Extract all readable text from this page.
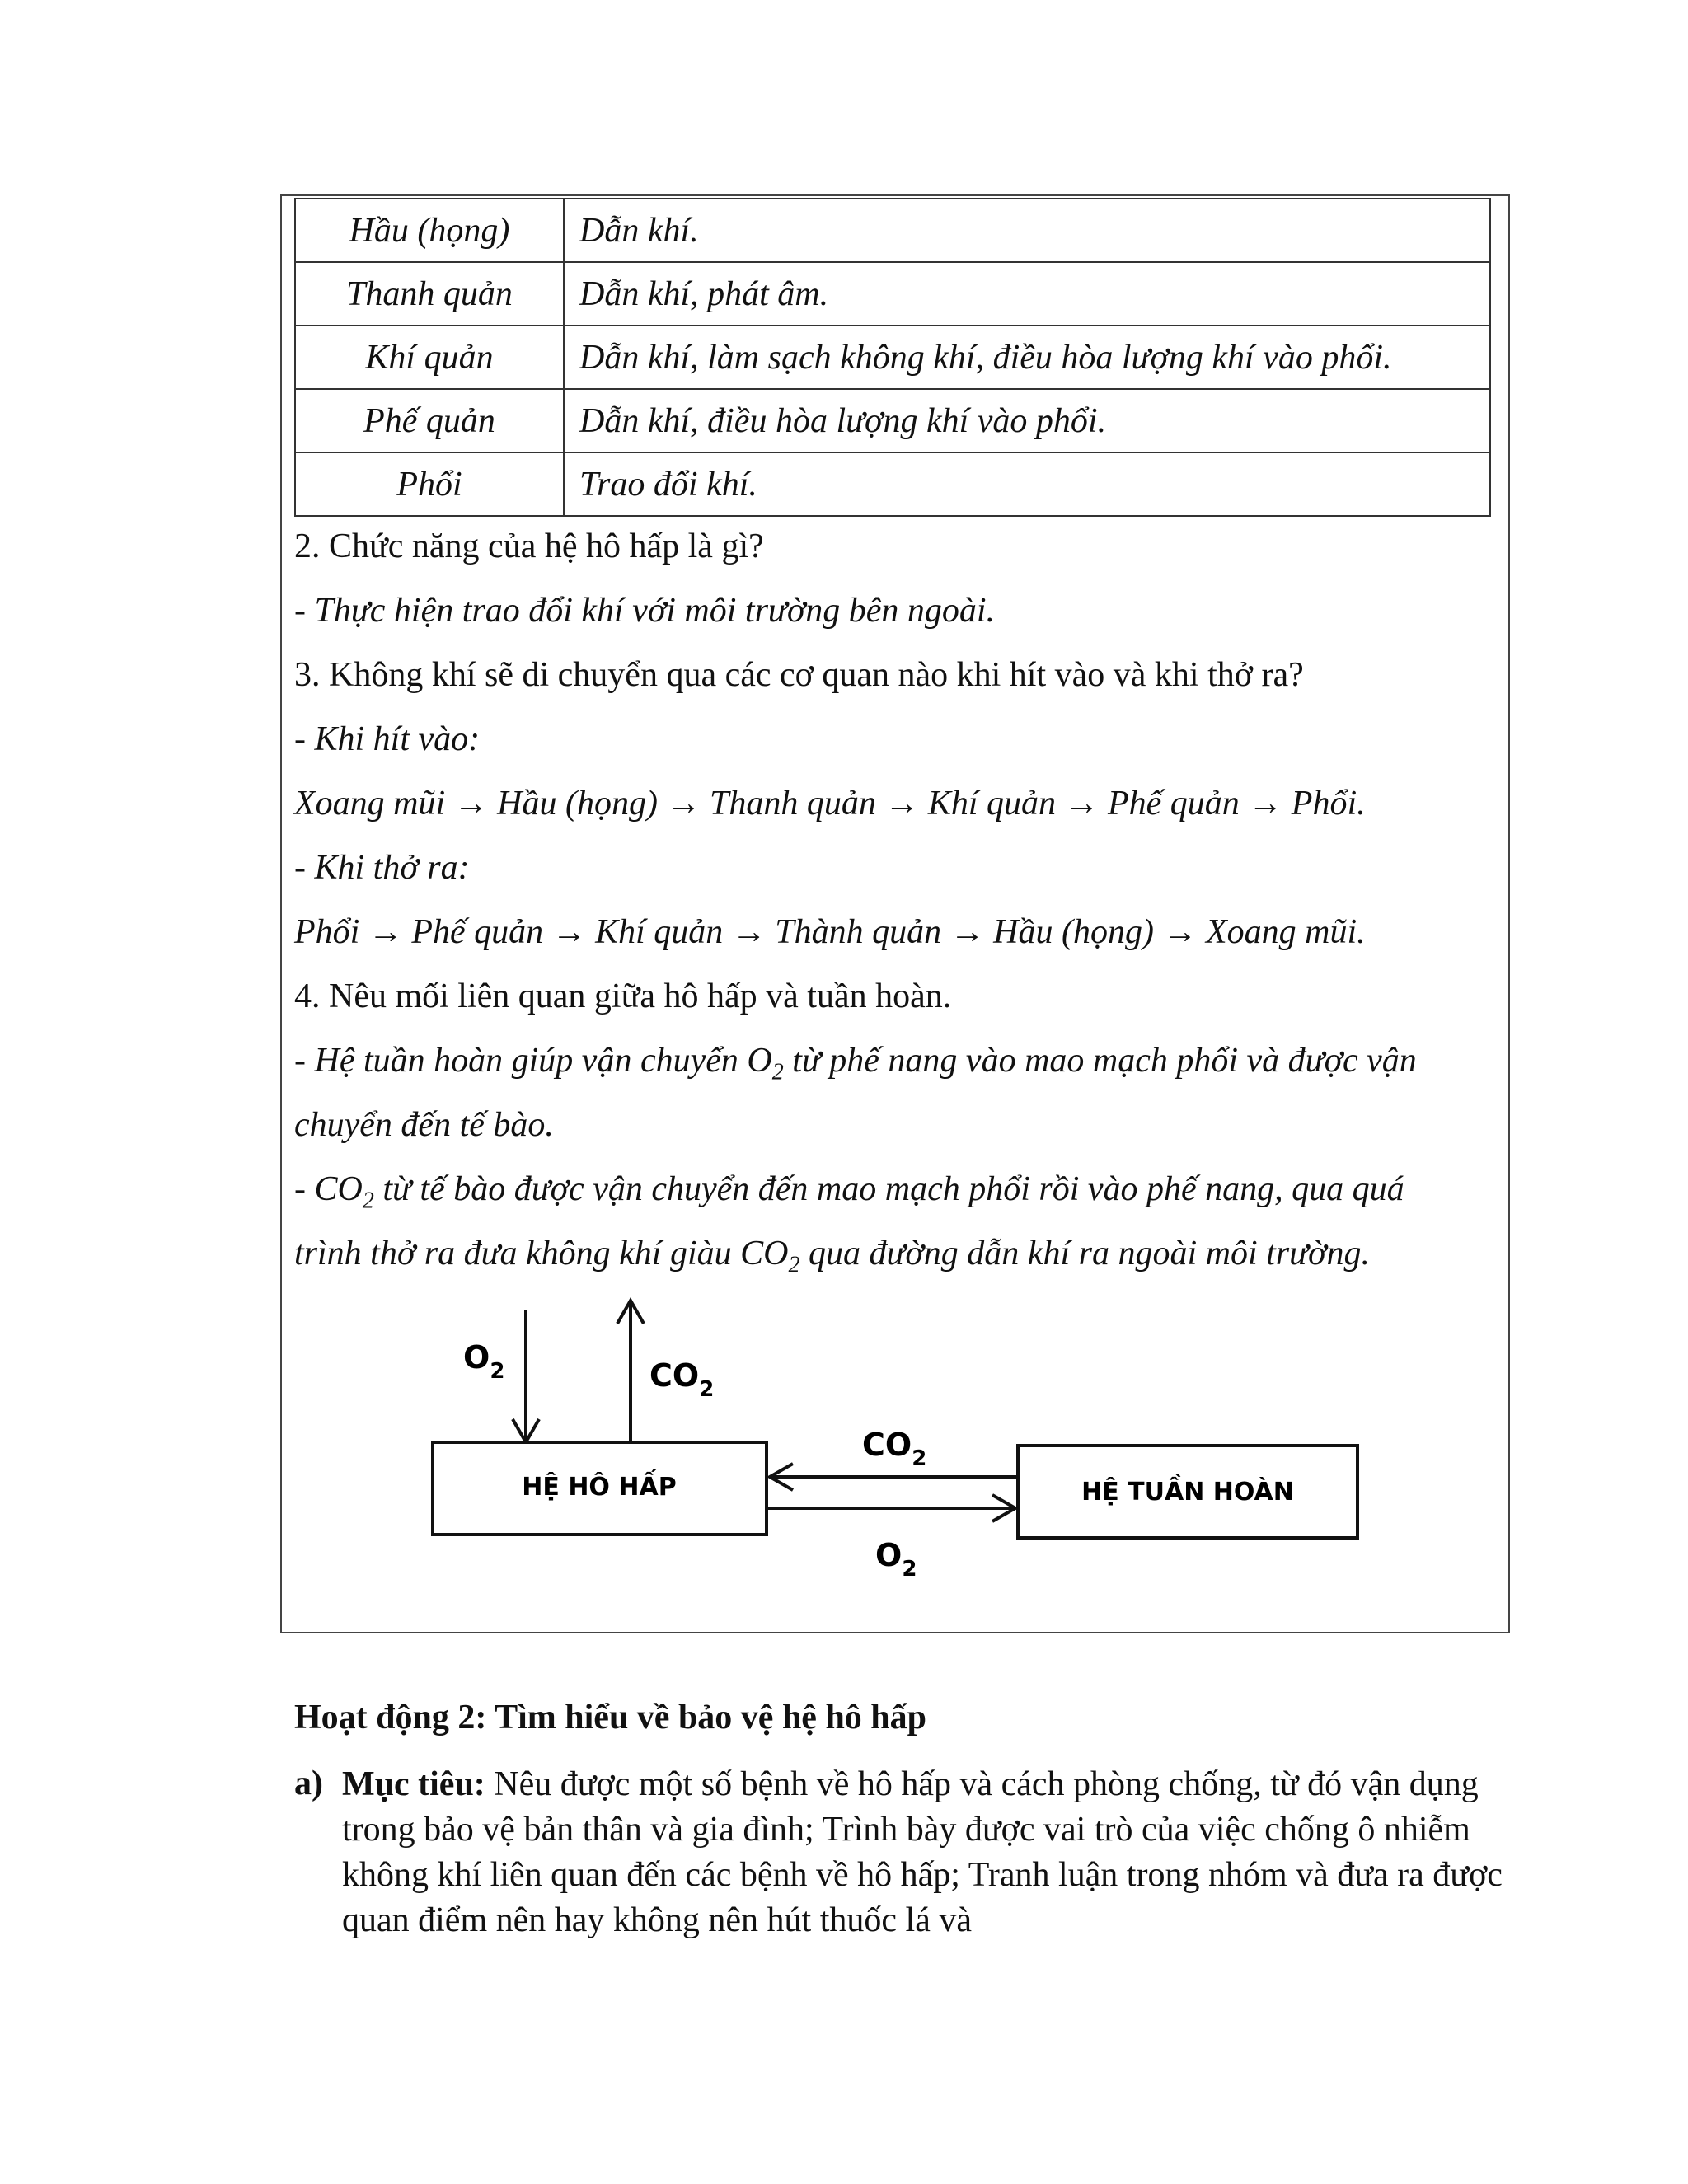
Hầu (họng)	Dẫn khí.
Thanh quản	Dẫn khí, phát âm.
Khí quản	Dẫn khí, làm sạch không khí, điều hòa lượng khí vào phổi.
Phế quản	Dẫn khí, điều hòa lượng khí vào phổi.
Phổi	Trao đổi khí.
2. Chức năng của hệ hô hấp là gì?
- Thực hiện trao đổi khí với môi trường bên ngoài.
3. Không khí sẽ di chuyển qua các cơ quan nào khi hít vào và khi thở ra?
- Khi hít vào:
Xoang mũi → Hầu (họng) → Thanh quản → Khí quản → Phế quản → Phổi.
- Khi thở ra:
Phổi → Phế quản → Khí quản → Thành quản → Hầu (họng) → Xoang mũi.
4. Nêu mối liên quan giữa hô hấp và tuần hoàn.
- Hệ tuần hoàn giúp vận chuyển $O_2$ từ phế nang vào mao mạch phổi và được vận
chuyển đến tế bào.
- $CO_2$ từ tế bào được vận chuyển đến mao mạch phổi rồi vào phế nang, qua quá
trình thở ra đưa không khí giàu $CO_2$ qua đường dẫn khí ra ngoài môi trường.
$O_2$	$CO_2$
HỆ HÔ HẤP	HỆ TUẦN HOÀN
$CO_2$
$O_2$
Hoạt động 2: Tìm hiểu về bảo vệ hệ hô hấp
a) Mục tiêu: Nêu được một số bệnh về hô hấp và cách phòng chống, từ đó vận dụng trong bảo vệ bản thân và gia đình; Trình bày được vai trò của việc chống ô nhiễm không khí liên quan đến các bệnh về hô hấp; Tranh luận trong nhóm và đưa ra được quan điểm nên hay không nên hút thuốc lá và
